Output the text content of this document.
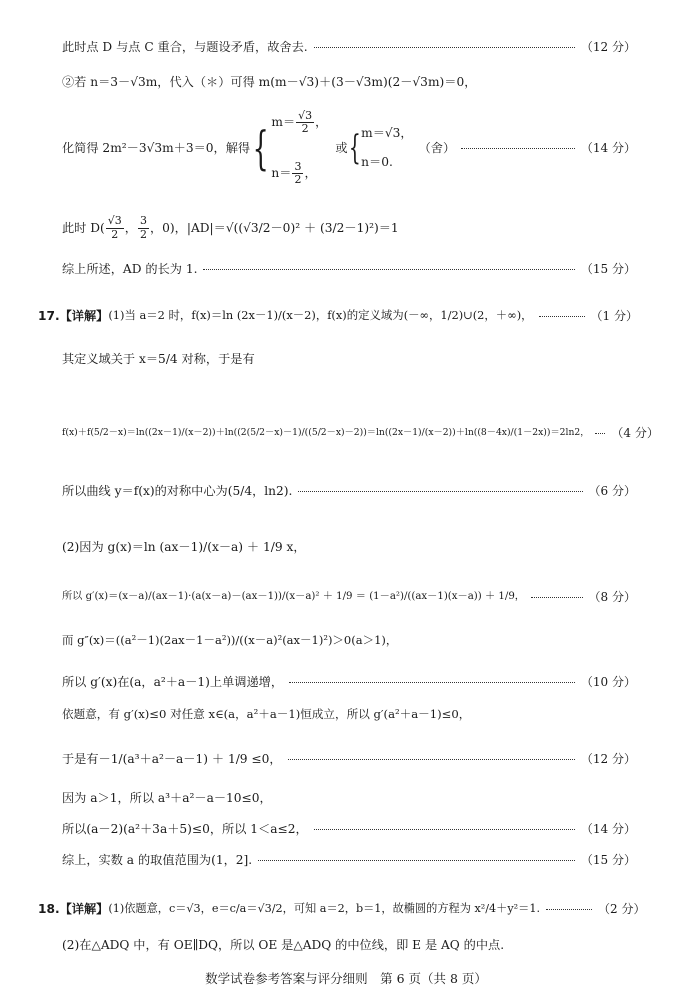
此时点 D 与点 C 重合，与题设矛盾，故舍去.	（12 分）
②若 n＝3－√3m，代入（＊）可得 m(m－√3)＋(3－√3m)(2－√3m)＝0，
化简得 2m²－3√3m＋3＝0，解得 { m＝ √3
2 ，
n＝ 3
2 ，
或 { m＝√3，
n＝0.
（舍）	（14 分）
此时 D( √3
2 ， 3
2 ，0)，|AD|＝√((√3/2－0)² ＋ (3/2－1)²)＝1
综上所述，AD 的长为 1.	（15 分）
17. 【详解】 (1)当 a＝2 时，f(x)＝ln (2x－1)/(x－2)，f(x)的定义域为(－∞，1/2)∪(2，＋∞)，	（1 分）
其定义域关于 x＝5/4 对称，于是有
f(x)＋f(5/2－x)＝ln((2x－1)/(x－2))＋ln((2(5/2－x)－1)/((5/2－x)－2))＝ln((2x－1)/(x－2))＋ln((8－4x)/(1－2x))＝2ln2， （4 分）
所以曲线 y＝f(x)的对称中心为(5/4，ln2).	（6 分）
(2)因为 g(x)＝ln (ax－1)/(x－a) ＋ 1/9 x，
所以 g′(x)＝(x－a)/(ax－1)·(a(x－a)－(ax－1))/(x－a)² ＋ 1/9 ＝ (1－a²)/((ax－1)(x－a)) ＋ 1/9，	（8 分）
而 g″(x)＝((a²－1)(2ax－1－a²))/((x－a)²(ax－1)²)＞0(a＞1)，
所以 g′(x)在(a，a²＋a－1)上单调递增，	（10 分）
依题意，有 g′(x)≤0 对任意 x∈(a，a²＋a－1)恒成立，所以 g′(a²＋a－1)≤0，
于是有－1/(a³＋a²－a－1) ＋ 1/9 ≤0，	（12 分）
因为 a＞1，所以 a³＋a²－a－10≤0，
所以(a－2)(a²＋3a＋5)≤0，所以 1＜a≤2，	（14 分）
综上，实数 a 的取值范围为(1，2].	（15 分）
18. 【详解】 (1)依题意，c＝√3，e＝c/a＝√3/2，可知 a＝2，b＝1，故椭圆的方程为 x²/4＋y²＝1.	（2 分）
(2)在△ADQ 中，有 OE∥DQ，所以 OE 是△ADQ 的中位线，即 E 是 AQ 的中点.
数学试卷参考答案与评分细则　第 6 页（共 8 页）
